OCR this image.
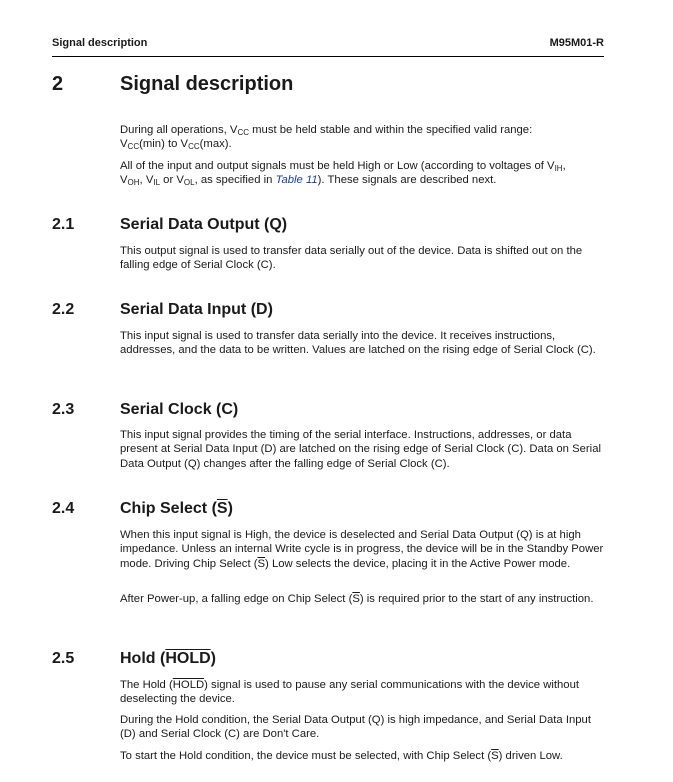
Signal description	M95M01-R
2	Signal description

During all operations, $V_{CC}$ must be held stable and within the specified valid range:
$V_{CC}(\min)$ to $V_{CC}(\max)$.

All of the input and output signals must be held High or Low (according to voltages of $V_{IH}$,
$V_{OH}$, $V_{IL}$ or $V_{OL}$, as specified in Table 11). These signals are described next.

2.1	Serial Data Output (Q)

This output signal is used to transfer data serially out of the device. Data is shifted out on the falling edge of Serial Clock (C).

2.2	Serial Data Input (D)

This input signal is used to transfer data serially into the device. It receives instructions, addresses, and the data to be written. Values are latched on the rising edge of Serial Clock (C).

2.3	Serial Clock (C)

This input signal provides the timing of the serial interface. Instructions, addresses, or data present at Serial Data Input (D) are latched on the rising edge of Serial Clock (C). Data on Serial Data Output (Q) changes after the falling edge of Serial Clock (C).

2.4	Chip Select $(\overline{S})$

When this input signal is High, the device is deselected and Serial Data Output (Q) is at high impedance. Unless an internal Write cycle is in progress, the device will be in the Standby Power mode. Driving Chip Select $(\overline{S})$ Low selects the device, placing it in the Active Power mode.

After Power-up, a falling edge on Chip Select $(\overline{S})$ is required prior to the start of any instruction.

2.5	Hold (HOLD)

The Hold (HOLD) signal is used to pause any serial communications with the device without deselecting the device.

During the Hold condition, the Serial Data Output (Q) is high impedance, and Serial Data Input (D) and Serial Clock (C) are Don't Care.

To start the Hold condition, the device must be selected, with Chip Select $(\overline{S})$ driven Low.
